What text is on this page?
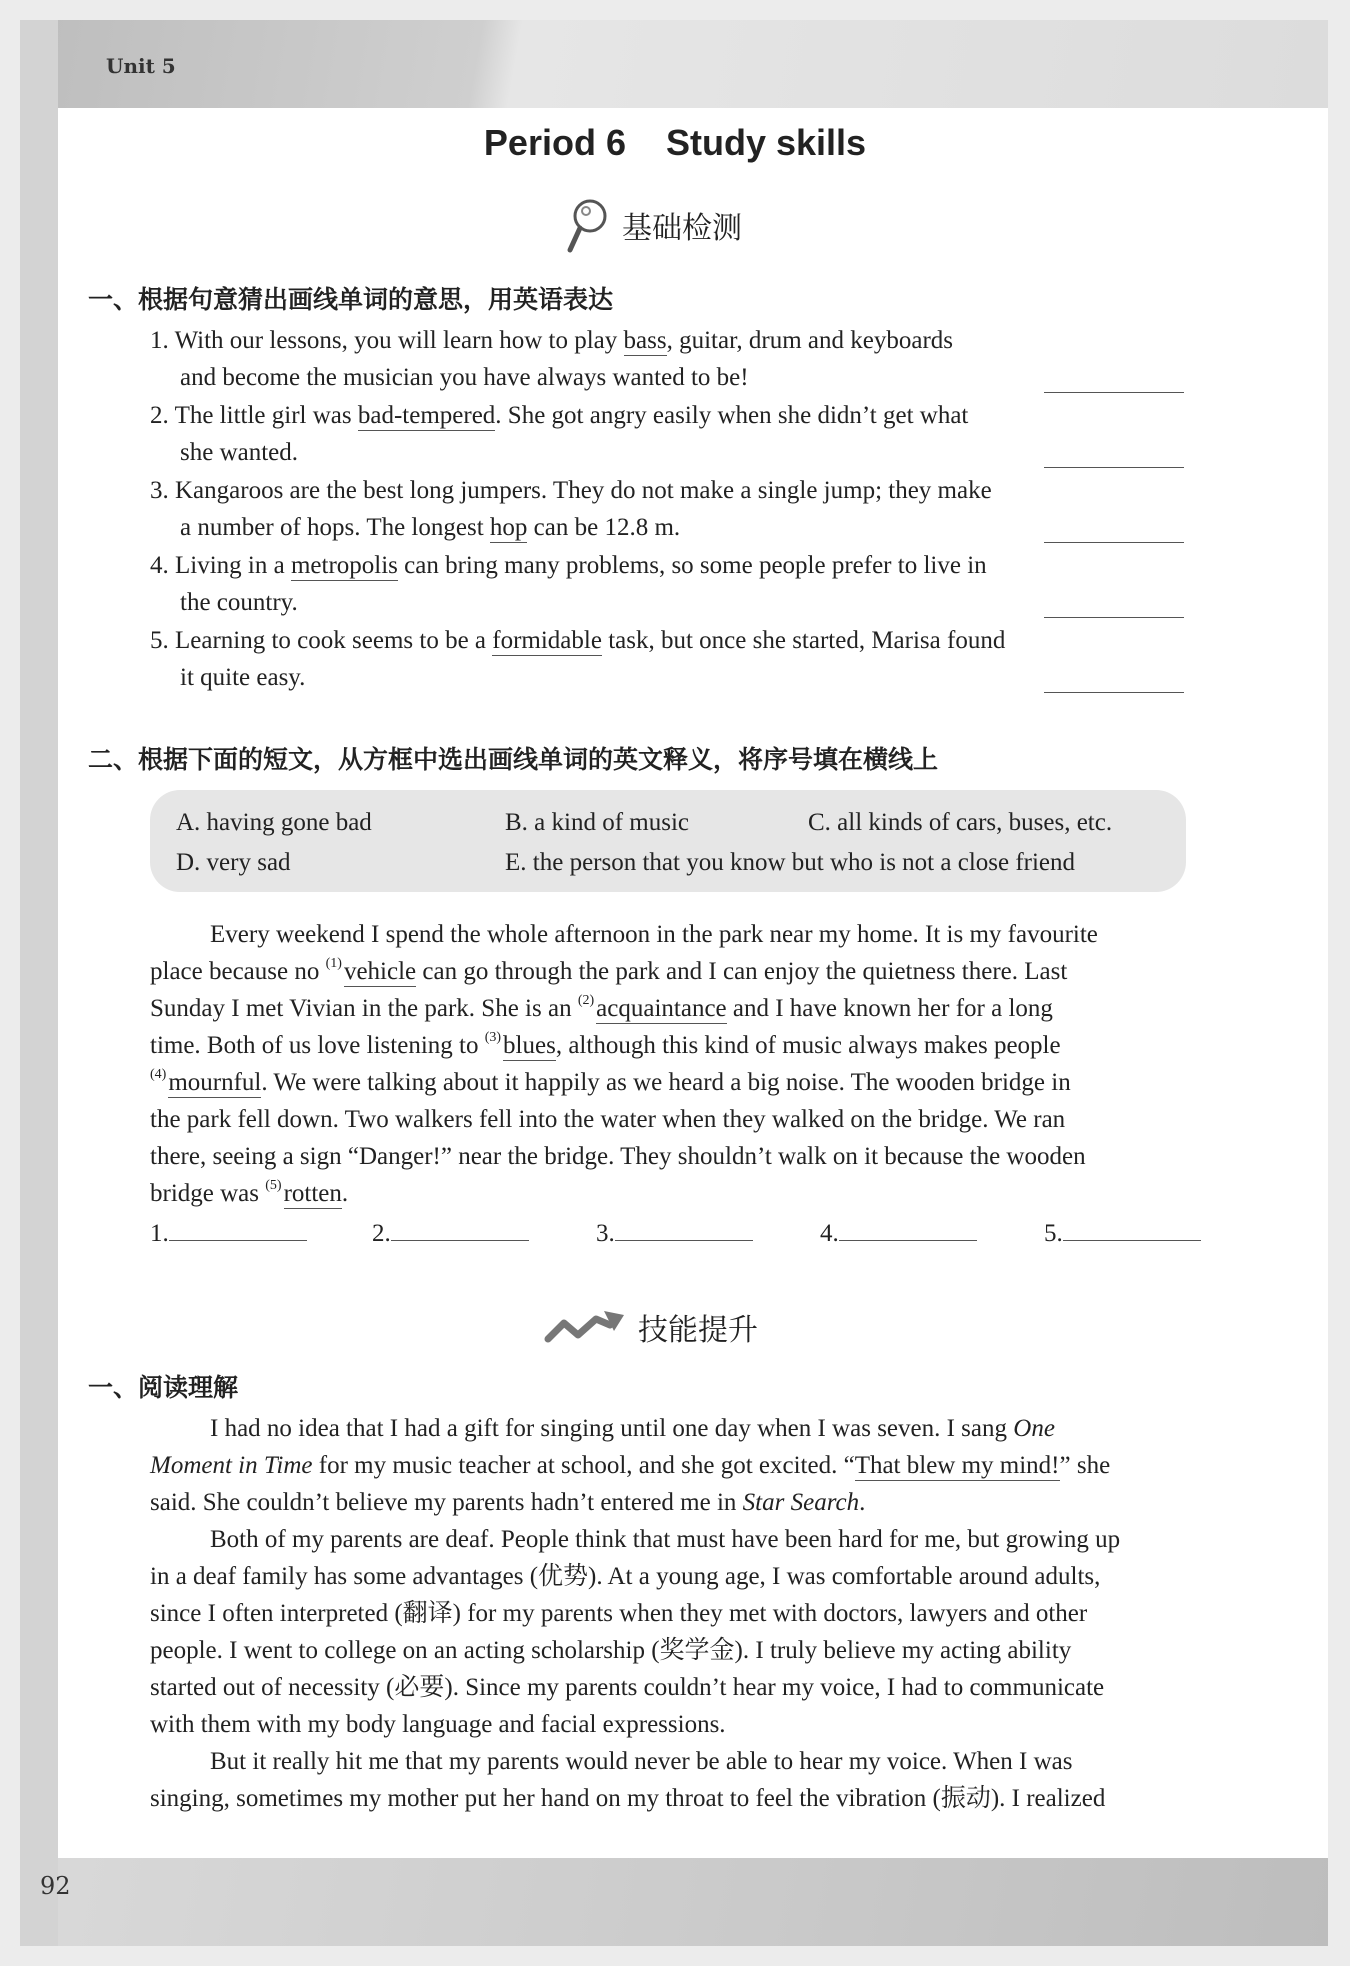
Unit 5
92
Period 6    Study skills
基础检测
一、根据句意猜出画线单词的意思，用英语表达
1. With our lessons, you will learn how to play bass, guitar, drum and keyboards
and become the musician you have always wanted to be!
2. The little girl was bad-tempered. She got angry easily when she didn’t get what
she wanted.
3. Kangaroos are the best long jumpers. They do not make a single jump; they make
a number of hops. The longest hop can be 12.8 m.
4. Living in a metropolis can bring many problems, so some people prefer to live in
the country.
5. Learning to cook seems to be a formidable task, but once she started, Marisa found
it quite easy.
二、根据下面的短文，从方框中选出画线单词的英文释义，将序号填在横线上
A. having gone bad	B. a kind of music	C. all kinds of cars, buses, etc.
D. very sad	E. the person that you know but who is not a close friend
Every weekend I spend the whole afternoon in the park near my home. It is my favourite
place because no $^{(1)}$vehicle can go through the park and I can enjoy the quietness there. Last
Sunday I met Vivian in the park. She is an $^{(2)}$acquaintance and I have known her for a long
time. Both of us love listening to $^{(3)}$blues, although this kind of music always makes people
$^{(4)}$mournful. We were talking about it happily as we heard a big noise. The wooden bridge in
the park fell down. Two walkers fell into the water when they walked on the bridge. We ran
there, seeing a sign “Danger!” near the bridge. They shouldn’t walk on it because the wooden
bridge was $^{(5)}$rotten.
1.	2.	3.	4.	5.
技能提升
一、阅读理解
I had no idea that I had a gift for singing until one day when I was seven. I sang One
Moment in Time for my music teacher at school, and she got excited. “That blew my mind!” she
said. She couldn’t believe my parents hadn’t entered me in Star Search.
Both of my parents are deaf. People think that must have been hard for me, but growing up
in a deaf family has some advantages (优势). At a young age, I was comfortable around adults,
since I often interpreted (翻译) for my parents when they met with doctors, lawyers and other
people. I went to college on an acting scholarship (奖学金). I truly believe my acting ability
started out of necessity (必要). Since my parents couldn’t hear my voice, I had to communicate
with them with my body language and facial expressions.
But it really hit me that my parents would never be able to hear my voice. When I was
singing, sometimes my mother put her hand on my throat to feel the vibration (振动). I realized
